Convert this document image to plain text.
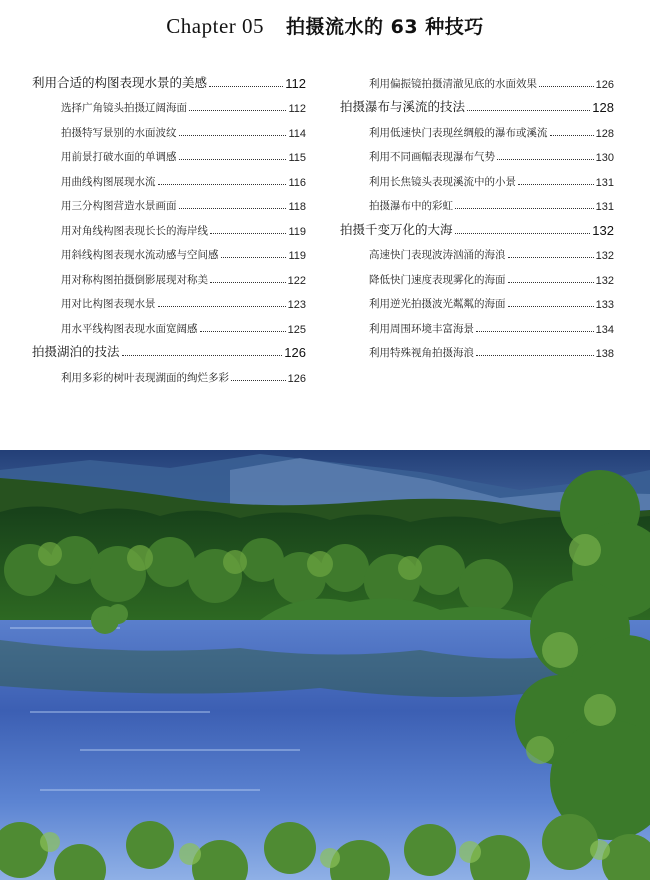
Chapter 05 拍摄流水的 63 种技巧
利用合适的构图表现水景的美感	112
选择广角镜头拍摄辽阔海面	112
拍摄特写景别的水面波纹	114
用前景打破水面的单调感	115
用曲线构图展现水流	116
用三分构图营造水景画面	118
用对角线构图表现长长的海岸线	119
用斜线构图表现水流动感与空间感	119
用对称构图拍摄倒影展现对称美	122
用对比构图表现水景	123
用水平线构图表现水面宽阔感	125
拍摄湖泊的技法	126
利用多彩的树叶表现湖面的绚烂多彩	126
利用偏振镜拍摄清澈见底的水面效果	126
拍摄瀑布与溪流的技法	128
利用低速快门表现丝绸般的瀑布或溪流	128
利用不同画幅表现瀑布气势	130
利用长焦镜头表现溪流中的小景	131
拍摄瀑布中的彩虹	131
拍摄千变万化的大海	132
高速快门表现波涛汹涌的海浪	132
降低快门速度表现雾化的海面	132
利用逆光拍摄波光粼粼的海面	133
利用周围环境丰富海景	134
利用特殊视角拍摄海浪	138
